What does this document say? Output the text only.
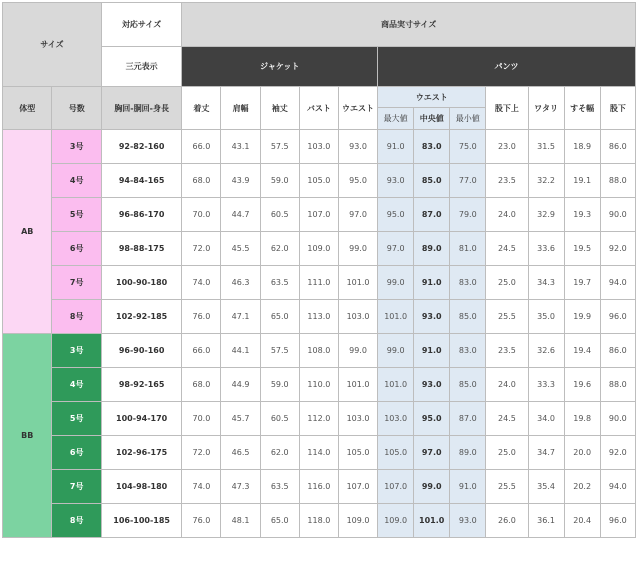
サイズ		対応サイズ	商品実寸サイズ											
		三元表示	ジャケット					パンツ						
体型	号数	胸回-胴回-身長	着丈	肩幅	袖丈	バスト	ウエスト	ウエスト			股下上	ワタリ	すそ幅	股下
								最大値	中央値	最小値				
AB	3号	92-82-160	66.0	43.1	57.5	103.0	93.0	91.0	83.0	75.0	23.0	31.5	18.9	86.0
	4号	94-84-165	68.0	43.9	59.0	105.0	95.0	93.0	85.0	77.0	23.5	32.2	19.1	88.0
	5号	96-86-170	70.0	44.7	60.5	107.0	97.0	95.0	87.0	79.0	24.0	32.9	19.3	90.0
	6号	98-88-175	72.0	45.5	62.0	109.0	99.0	97.0	89.0	81.0	24.5	33.6	19.5	92.0
	7号	100-90-180	74.0	46.3	63.5	111.0	101.0	99.0	91.0	83.0	25.0	34.3	19.7	94.0
	8号	102-92-185	76.0	47.1	65.0	113.0	103.0	101.0	93.0	85.0	25.5	35.0	19.9	96.0
BB	3号	96-90-160	66.0	44.1	57.5	108.0	99.0	99.0	91.0	83.0	23.5	32.6	19.4	86.0
	4号	98-92-165	68.0	44.9	59.0	110.0	101.0	101.0	93.0	85.0	24.0	33.3	19.6	88.0
	5号	100-94-170	70.0	45.7	60.5	112.0	103.0	103.0	95.0	87.0	24.5	34.0	19.8	90.0
	6号	102-96-175	72.0	46.5	62.0	114.0	105.0	105.0	97.0	89.0	25.0	34.7	20.0	92.0
	7号	104-98-180	74.0	47.3	63.5	116.0	107.0	107.0	99.0	91.0	25.5	35.4	20.2	94.0
	8号	106-100-185	76.0	48.1	65.0	118.0	109.0	109.0	101.0	93.0	26.0	36.1	20.4	96.0
